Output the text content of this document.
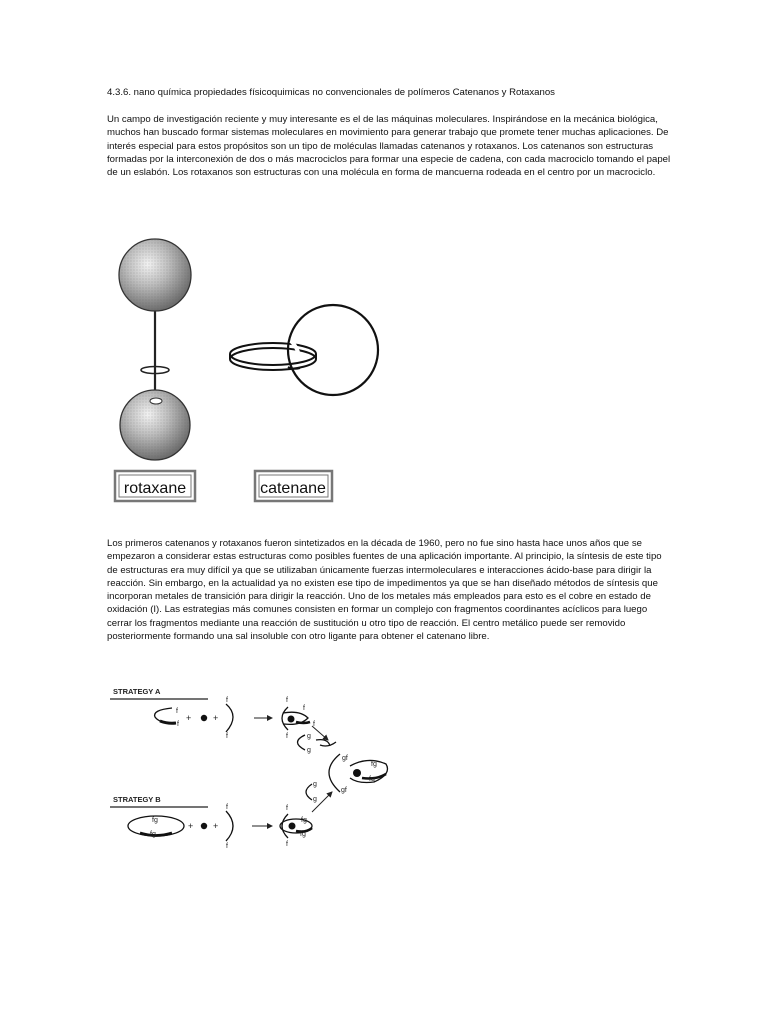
4.3.6. nano química propiedades físicoquimicas no convencionales de polímeros Catenanos y Rotaxanos

Un campo de investigación reciente y muy interesante es el de las máquinas moleculares. Inspirándose en la mecánica biológica,
muchos han buscado formar sistemas moleculares en movimiento para generar trabajo que promete tener muchas aplicaciones. De
interés especial para estos propósitos son un tipo de moléculas llamadas catenanos y rotaxanos. Los catenanos son estructuras
formadas por la interconexión de dos o más macrociclos para formar una especie de cadena, con cada macrociclo tomando el papel
de un eslabón. Los rotaxanos son estructuras con una molécula en forma de mancuerna rodeada en el centro por un macrociclo.

rotaxane	catenane

Los primeros catenanos y rotaxanos fueron sintetizados en la década de 1960, pero no fue sino hasta hace unos años que se
empezaron a considerar estas estructuras como posibles fuentes de una aplicación importante. Al principio, la síntesis de este tipo
de estructuras era muy difícil ya que se utilizaban únicamente fuerzas intermoleculares e interacciones ácido-base para dirigir la
reacción. Sin embargo, en la actualidad ya no existen ese tipo de impedimentos ya que se han diseñado métodos de síntesis que
incorporan metales de transición para dirigir la reacción. Uno de los metales más empleados para esto es el cobre en estado de
oxidación (I). Las estrategias más comunes consisten en formar un complejo con fragmentos coordinantes acíclicos para luego
cerrar los fragmentos mediante una reacción de sustitución u otro tipo de reacción. El centro metálico puede ser removido
posteriormente formando una sal insoluble con otro ligante para obtener el catenano libre.

STRATEGY A
f
f
+ +
f
f
f
f
f
f	g
g
gf
gf
fg
fg
STRATEGY B
fg
fg
+ +
f
f
f
f
fg
fg
g
g
